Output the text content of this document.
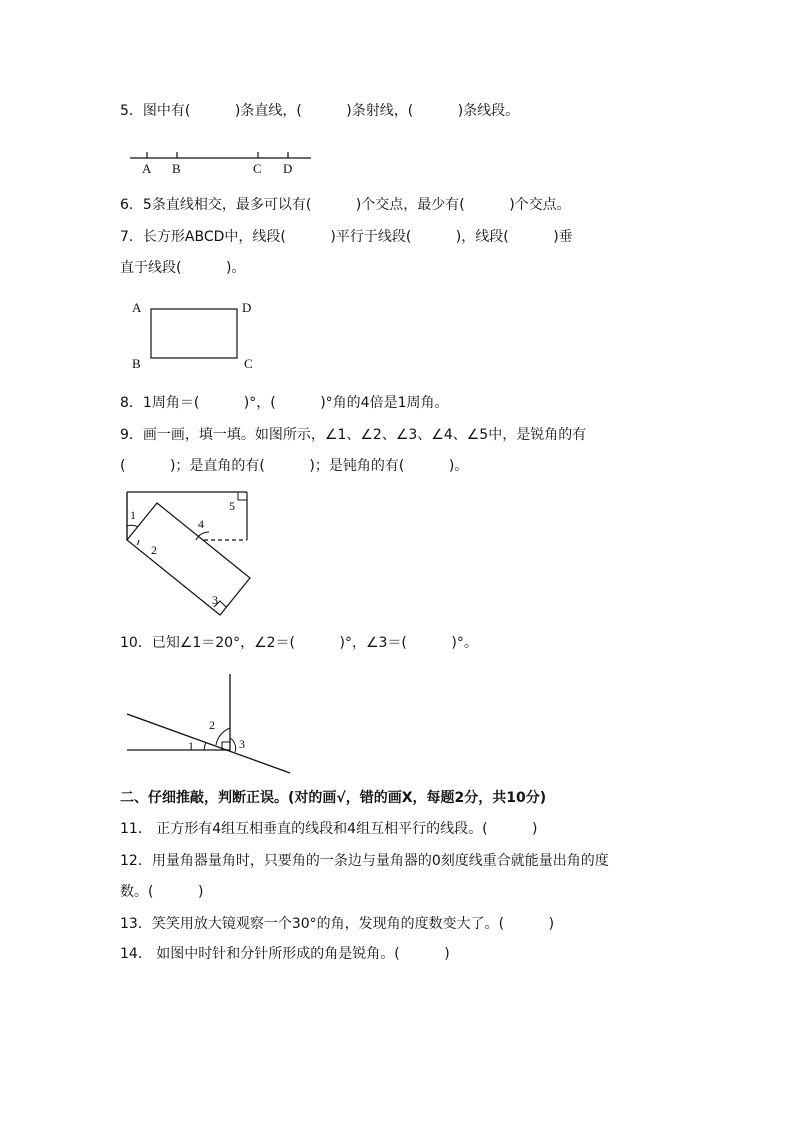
5．图中有(          )条直线，(          )条射线，(          )条线段。
A B	C D
6．5条直线相交，最多可以有(          )个交点，最少有(          )个交点。
7．长方形ABCD中，线段(          )平行于线段(          )，线段(          )垂
直于线段(          )。
A	D
B	C
8．1周角＝(          )°，(          )°角的4倍是1周角。
9．画一画，填一填。如图所示，∠1、∠2、∠3、∠4、∠5中，是锐角的有
(          )；是直角的有(          )；是钝角的有(          )。
1
2
3
4
5
10．已知∠1＝20°，∠2＝(          )°，∠3＝(          )°。
1
2
3
二、仔细推敲，判断正误。(对的画√，错的画X，每题2分，共10分)
11． 正方形有4组互相垂直的线段和4组互相平行的线段。(          )
12．用量角器量角时，只要角的一条边与量角器的0刻度线重合就能量出角的度
数。(          )
13．笑笑用放大镜观察一个30°的角，发现角的度数变大了。(          )
14． 如图中时针和分针所形成的角是锐角。(          )
